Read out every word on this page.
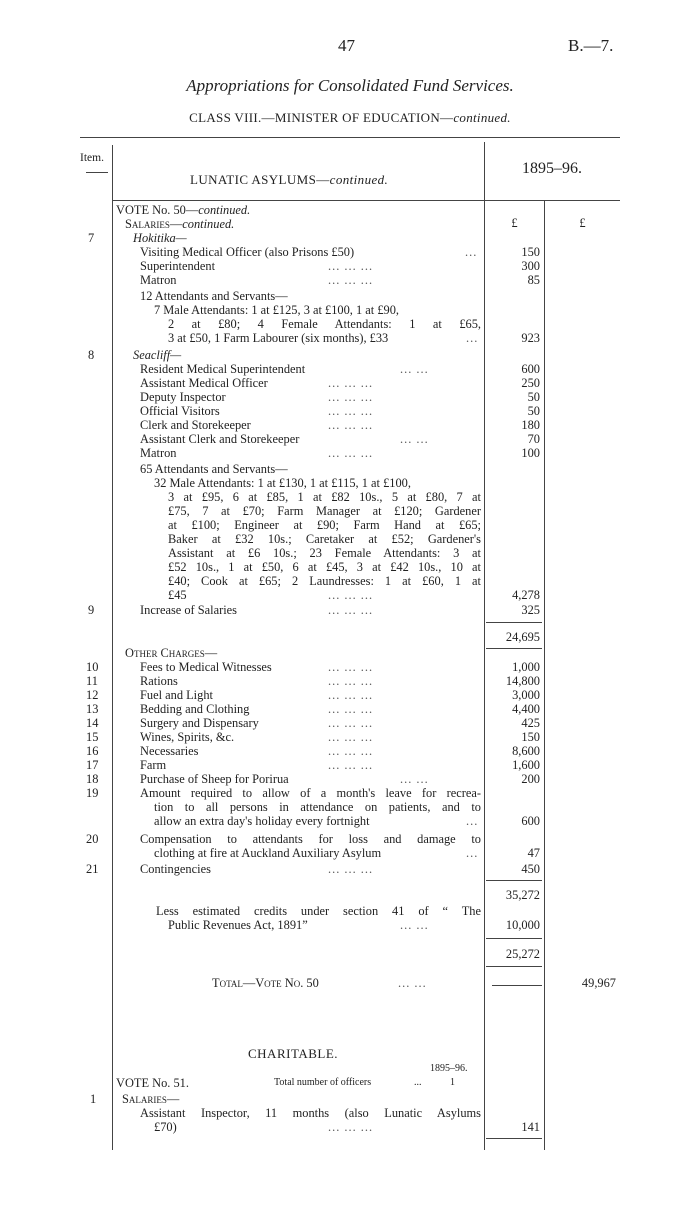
47	B.—7.
Appropriations for Consolidated Fund Services.
CLASS VIII.—MINISTER OF EDUCATION—continued.
Item.
LUNATIC ASYLUMS—continued.
1895–96.
£	£
VOTE No. 50—continued.
Salaries—continued.
7	Hokitika—
Visiting Medical Officer (also Prisons £50)	...	150
Superintendent	... ... ...	300
Matron	... ... ...	85
12 Attendants and Servants—
7 Male Attendants: 1 at £125, 3 at £100, 1 at £90,
2 at £80; 4 Female Attendants: 1 at £65,
3 at £50, 1 Farm Labourer (six months), £33	...	923
8	Seacliff—
Resident Medical Superintendent	... ...	600
Assistant Medical Officer	... ... ...	250
Deputy Inspector	... ... ...	50
Official Visitors	... ... ...	50
Clerk and Storekeeper	... ... ...	180
Assistant Clerk and Storekeeper	... ...	70
Matron	... ... ...	100
65 Attendants and Servants—
32 Male Attendants: 1 at £130, 1 at £115, 1 at £100,
3 at £95, 6 at £85, 1 at £82 10s., 5 at £80, 7 at
£75, 7 at £70; Farm Manager at £120; Gardener
at £100; Engineer at £90; Farm Hand at £65;
Baker at £32 10s.; Caretaker at £52; Gardener's
Assistant at £6 10s.; 23 Female Attendants: 3 at
£52 10s., 1 at £50, 6 at £45, 3 at £42 10s., 10 at
£40; Cook at £65; 2 Laundresses: 1 at £60, 1 at
£45	... ... ...	4,278
9	Increase of Salaries	... ... ...	325
24,695
Other Charges—
10	Fees to Medical Witnesses	... ... ...	1,000
11	Rations	... ... ...	14,800
12	Fuel and Light	... ... ...	3,000
13	Bedding and Clothing	... ... ...	4,400
14	Surgery and Dispensary	... ... ...	425
15	Wines, Spirits, &c.	... ... ...	150
16	Necessaries	... ... ...	8,600
17	Farm	... ... ...	1,600
18	Purchase of Sheep for Porirua	... ...	200
19	Amount required to allow of a month's leave for recrea-
tion to all persons in attendance on patients, and to
allow an extra day's holiday every fortnight	...	600
20	Compensation to attendants for loss and damage to
clothing at fire at Auckland Auxiliary Asylum	...	47
21	Contingencies	... ... ...	450
35,272
Less estimated credits under section 41 of “ The
Public Revenues Act, 1891”	... ...	10,000
25,272
Total—Vote No. 50	... ...	49,967
CHARITABLE.
1895–96.
VOTE No. 51.	Total number of officers	...	1
1 Salaries—
Assistant Inspector, 11 months (also Lunatic Asylums
£70)	... ... ...	141
